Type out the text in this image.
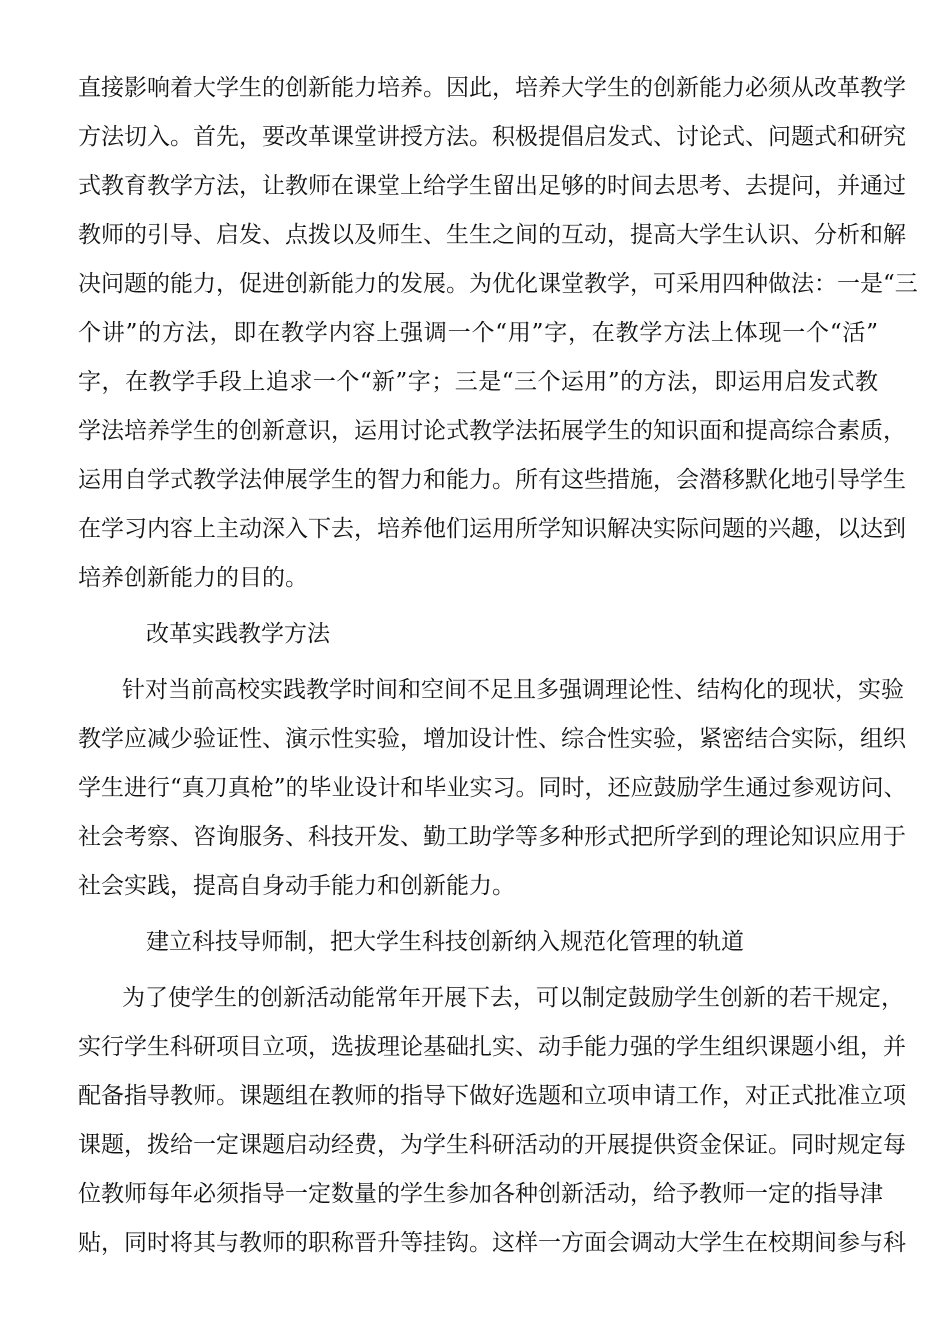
直接影响着大学生的创新能力培养。因此，培养大学生的创新能力必须从改革教学
方法切入。首先，要改革课堂讲授方法。积极提倡启发式、讨论式、问题式和研究
式教育教学方法，让教师在课堂上给学生留出足够的时间去思考、去提问，并通过
教师的引导、启发、点拨以及师生、生生之间的互动，提高大学生认识、分析和解
决问题的能力，促进创新能力的发展。为优化课堂教学，可采用四种做法：一是“三
个讲”的方法，即在教学内容上强调一个“用”字，在教学方法上体现一个“活”
字，在教学手段上追求一个“新”字；三是“三个运用”的方法，即运用启发式教
学法培养学生的创新意识，运用讨论式教学法拓展学生的知识面和提高综合素质，
运用自学式教学法伸展学生的智力和能力。所有这些措施，会潜移默化地引导学生
在学习内容上主动深入下去，培养他们运用所学知识解决实际问题的兴趣，以达到
培养创新能力的目的。
改革实践教学方法
针对当前高校实践教学时间和空间不足且多强调理论性、结构化的现状，实验
教学应减少验证性、演示性实验，增加设计性、综合性实验，紧密结合实际，组织
学生进行“真刀真枪”的毕业设计和毕业实习。同时，还应鼓励学生通过参观访问、
社会考察、咨询服务、科技开发、勤工助学等多种形式把所学到的理论知识应用于
社会实践，提高自身动手能力和创新能力。
建立科技导师制，把大学生科技创新纳入规范化管理的轨道
为了使学生的创新活动能常年开展下去，可以制定鼓励学生创新的若干规定，
实行学生科研项目立项，选拔理论基础扎实、动手能力强的学生组织课题小组，并
配备指导教师。课题组在教师的指导下做好选题和立项申请工作，对正式批准立项
课题，拨给一定课题启动经费，为学生科研活动的开展提供资金保证。同时规定每
位教师每年必须指导一定数量的学生参加各种创新活动，给予教师一定的指导津
贴，同时将其与教师的职称晋升等挂钩。这样一方面会调动大学生在校期间参与科
